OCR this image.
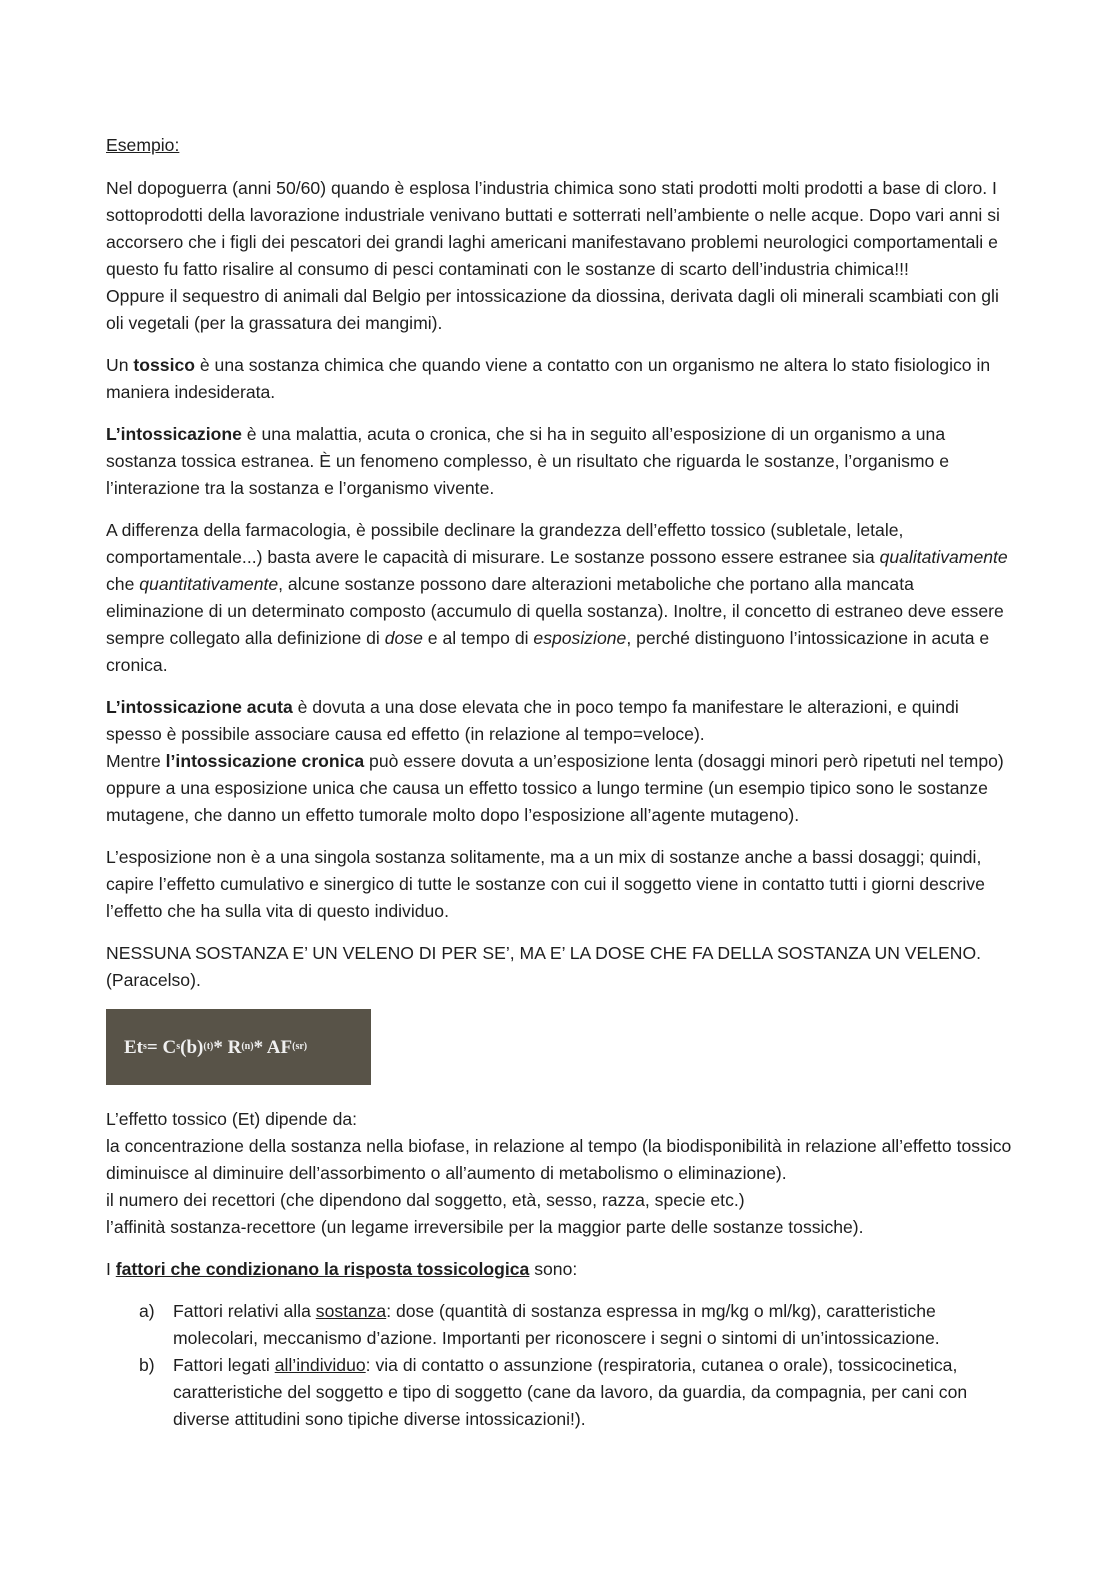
Esempio:

Nel dopoguerra (anni 50/60) quando è esplosa l’industria chimica sono stati prodotti molti prodotti a base di cloro. I sottoprodotti della lavorazione industriale venivano buttati e sotterrati nell’ambiente o nelle acque. Dopo vari anni si accorsero che i figli dei pescatori dei grandi laghi americani manifestavano problemi neurologici comportamentali e questo fu fatto risalire al consumo di pesci contaminati con le sostanze di scarto dell’industria chimica!!!

Oppure il sequestro di animali dal Belgio per intossicazione da diossina, derivata dagli oli minerali scambiati con gli oli vegetali (per la grassatura dei mangimi).

Un tossico è una sostanza chimica che quando viene a contatto con un organismo ne altera lo stato fisiologico in maniera indesiderata.

L’intossicazione è una malattia, acuta o cronica, che si ha in seguito all’esposizione di un organismo a una sostanza tossica estranea. È un fenomeno complesso, è un risultato che riguarda le sostanze, l’organismo e l’interazione tra la sostanza e l’organismo vivente.

A differenza della farmacologia, è possibile declinare la grandezza dell’effetto tossico (subletale, letale, comportamentale...) basta avere le capacità di misurare. Le sostanze possono essere estranee sia qualitativamente che quantitativamente, alcune sostanze possono dare alterazioni metaboliche che portano alla mancata eliminazione di un determinato composto (accumulo di quella sostanza). Inoltre, il concetto di estraneo deve essere sempre collegato alla definizione di dose e al tempo di esposizione, perché distinguono l’intossicazione in acuta e cronica.

L’intossicazione acuta è dovuta a una dose elevata che in poco tempo fa manifestare le alterazioni, e quindi spesso è possibile associare causa ed effetto (in relazione al tempo=veloce).
Mentre l’intossicazione cronica può essere dovuta a un’esposizione lenta (dosaggi minori però ripetuti nel tempo) oppure a una esposizione unica che causa un effetto tossico a lungo termine (un esempio tipico sono le sostanze mutagene, che danno un effetto tumorale molto dopo l’esposizione all’agente mutageno).

L’esposizione non è a una singola sostanza solitamente, ma a un mix di sostanze anche a bassi dosaggi; quindi, capire l’effetto cumulativo e sinergico di tutte le sostanze con cui il soggetto viene in contatto tutti i giorni descrive l’effetto che ha sulla vita di questo individuo.

NESSUNA SOSTANZA E’ UN VELENO DI PER SE’, MA E’ LA DOSE CHE FA DELLA SOSTANZA UN VELENO.
(Paracelso).

Et s = C s (b) (t) * R (n) * AF (sr)

L’effetto tossico (Et) dipende da:
la concentrazione della sostanza nella biofase, in relazione al tempo (la biodisponibilità in relazione all’effetto tossico diminuisce al diminuire dell’assorbimento o all’aumento di metabolismo o eliminazione).
il numero dei recettori (che dipendono dal soggetto, età, sesso, razza, specie etc.)
l’affinità sostanza-recettore (un legame irreversibile per la maggior parte delle sostanze tossiche).

I fattori che condizionano la risposta tossicologica sono:

a) Fattori relativi alla sostanza: dose (quantità di sostanza espressa in mg/kg o ml/kg), caratteristiche molecolari, meccanismo d’azione. Importanti per riconoscere i segni o sintomi di un’intossicazione.
b) Fattori legati all’individuo: via di contatto o assunzione (respiratoria, cutanea o orale), tossicocinetica, caratteristiche del soggetto e tipo di soggetto (cane da lavoro, da guardia, da compagnia, per cani con diverse attitudini sono tipiche diverse intossicazioni!).
